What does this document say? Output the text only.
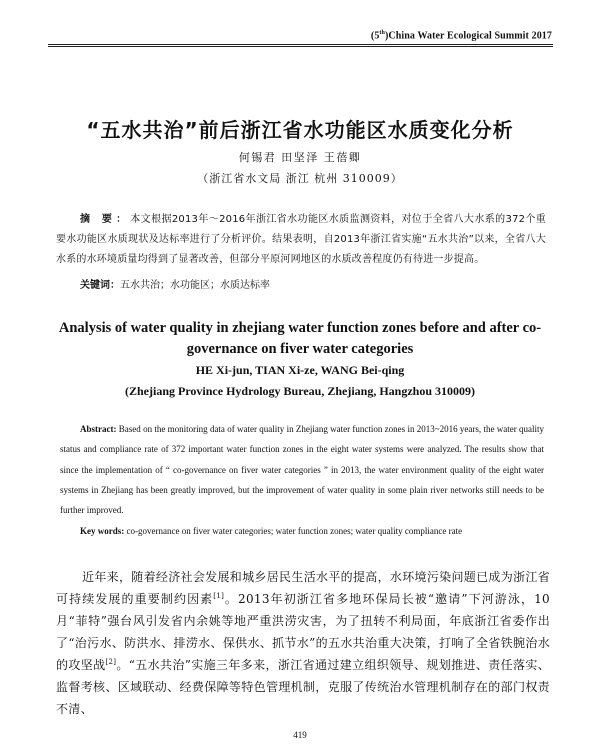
(5th)China Water Ecological Summit 2017
“五水共治”前后浙江省水功能区水质变化分析
何锡君 田坚泽 王蓓卿
（浙江省水文局 浙江 杭州 310009）
摘 要：本文根据2013年～2016年浙江省水功能区水质监测资料，对位于全省八大水系的372个重要水功能区水质现状及达标率进行了分析评价。结果表明，自2013年浙江省实施“五水共治”以来，全省八大水系的水环境质量均得到了显著改善，但部分平原河网地区的水质改善程度仍有待进一步提高。
关键词：五水共治；水功能区；水质达标率
Analysis of water quality in zhejiang water function zones before and after co-governance on fiver water categories
HE Xi-jun, TIAN Xi-ze, WANG Bei-qing
(Zhejiang Province Hydrology Bureau, Zhejiang, Hangzhou 310009)
Abstract: Based on the monitoring data of water quality in Zhejiang water function zones in 2013~2016 years, the water quality status and compliance rate of 372 important water function zones in the eight water systems were analyzed. The results show that since the implementation of “ co-governance on fiver water categories ” in 2013, the water environment quality of the eight water systems in Zhejiang has been greatly improved, but the improvement of water quality in some plain river networks still needs to be further improved.
Key words: co-governance on fiver water categories; water function zones; water quality compliance rate
近年来，随着经济社会发展和城乡居民生活水平的提高，水环境污染问题已成为浙江省可持续发展的重要制约因素[1]。2013年初浙江省多地环保局长被“邀请”下河游泳，10月“菲特”强台风引发省内余姚等地严重洪涝灾害，为了扭转不利局面，年底浙江省委作出了“治污水、防洪水、排涝水、保供水、抓节水”的五水共治重大决策，打响了全省铁腕治水的攻坚战[2]。“五水共治”实施三年多来，浙江省通过建立组织领导、规划推进、责任落实、监督考核、区域联动、经费保障等特色管理机制，克服了传统治水管理机制存在的部门权责不清、
419
